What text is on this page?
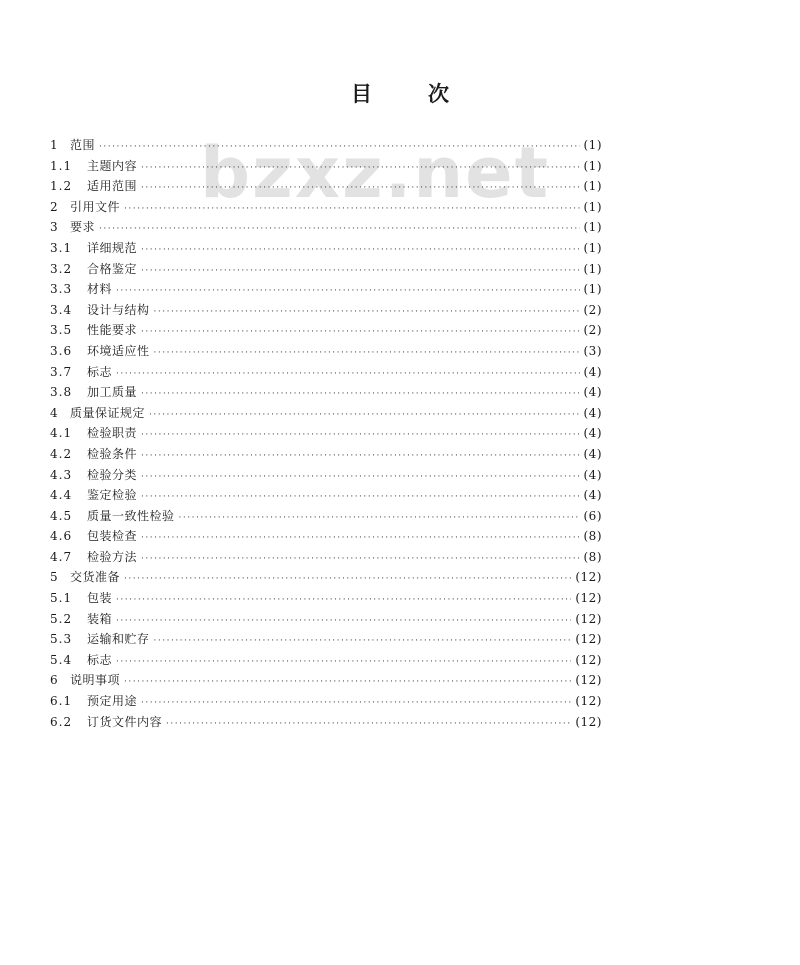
目	次
bzxz.net
1 范围 ·····	(1)
1.1	主题内容 ·····	(1)
1.2	适用范围 ·····	(1)
2 引用文件 ·····	(1)
3 要求 ·····	(1)
3.1	详细规范 ·····	(1)
3.2	合格鉴定 ·····	(1)
3.3	材料 ·····	(1)
3.4	设计与结构 ·····	(2)
3.5	性能要求 ·····	(2)
3.6	环境适应性 ·····	(3)
3.7	标志 ·····	(4)
3.8	加工质量 ·····	(4)
4 质量保证规定 ·····	(4)
4.1	检验职责 ·····	(4)
4.2	检验条件 ·····	(4)
4.3	检验分类 ·····	(4)
4.4	鉴定检验 ·····	(4)
4.5	质量一致性检验 ·····	(6)
4.6	包装检查 ·····	(8)
4.7	检验方法 ·····	(8)
5 交货准备 ·····	(12)
5.1	包装 ·····	(12)
5.2	装箱 ·····	(12)
5.3	运输和贮存 ·····	(12)
5.4	标志 ·····	(12)
6 说明事项 ·····	(12)
6.1	预定用途 ·····	(12)
6.2	订货文件内容 ·····	(12)
